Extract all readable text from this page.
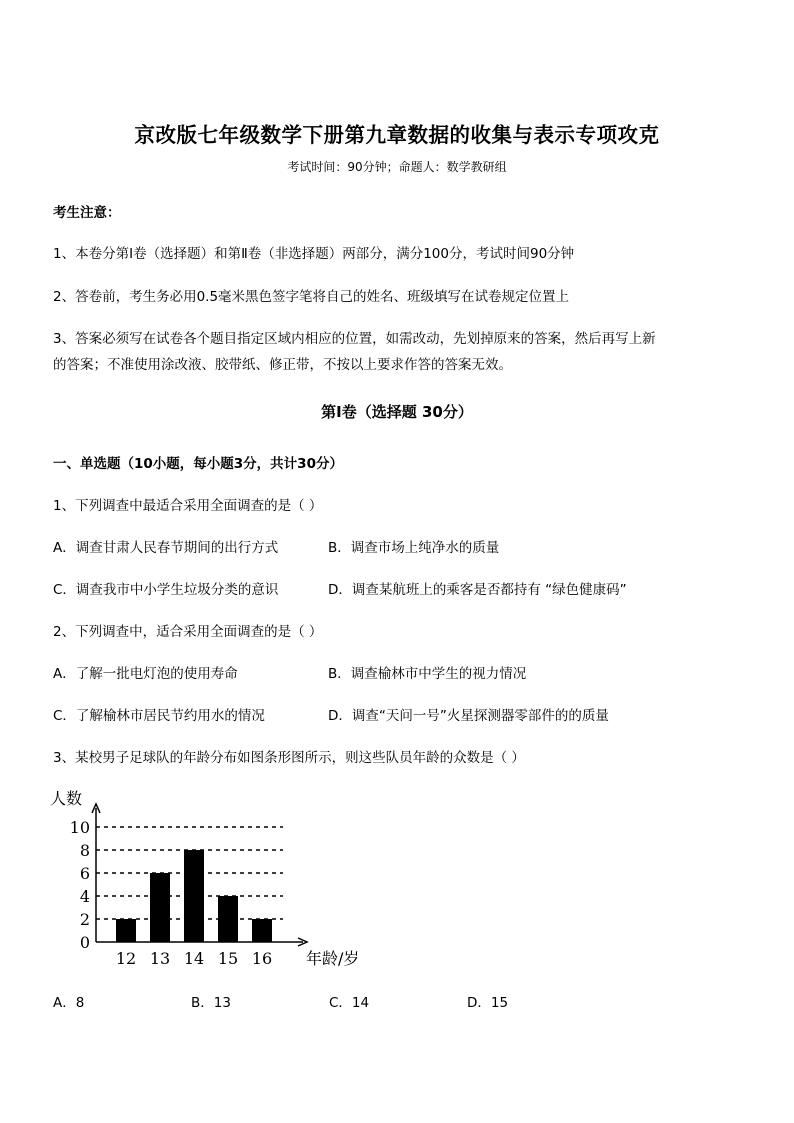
京改版七年级数学下册第九章数据的收集与表示专项攻克
考试时间：90分钟；命题人：数学教研组
考生注意：
1、本卷分第Ⅰ卷（选择题）和第Ⅱ卷（非选择题）两部分，满分100分，考试时间90分钟
2、答卷前，考生务必用0.5毫米黑色签字笔将自己的姓名、班级填写在试卷规定位置上
3、答案必须写在试卷各个题目指定区域内相应的位置，如需改动，先划掉原来的答案，然后再写上新
的答案；不准使用涂改液、胶带纸、修正带，不按以上要求作答的答案无效。
第Ⅰ卷（选择题 30分）
一、单选题（10小题，每小题3分，共计30分）
1、下列调查中最适合采用全面调查的是（ ）
A．调查甘肃人民春节期间的出行方式	B．调查市场上纯净水的质量
C．调查我市中小学生垃圾分类的意识	D．调查某航班上的乘客是否都持有 “绿色健康码”
2、下列调查中，适合采用全面调查的是（ ）
A．了解一批电灯泡的使用寿命	B．调查榆林市中学生的视力情况
C．了解榆林市居民节约用水的情况	D．调查“天问一号”火星探测器零部件的的质量
3、某校男子足球队的年龄分布如图条形图所示，则这些队员年龄的众数是（ ）
0
2
4
6
8
10
12 13 14 15 16
人数
年龄/岁
A．8	B．13	C．14	D．15
